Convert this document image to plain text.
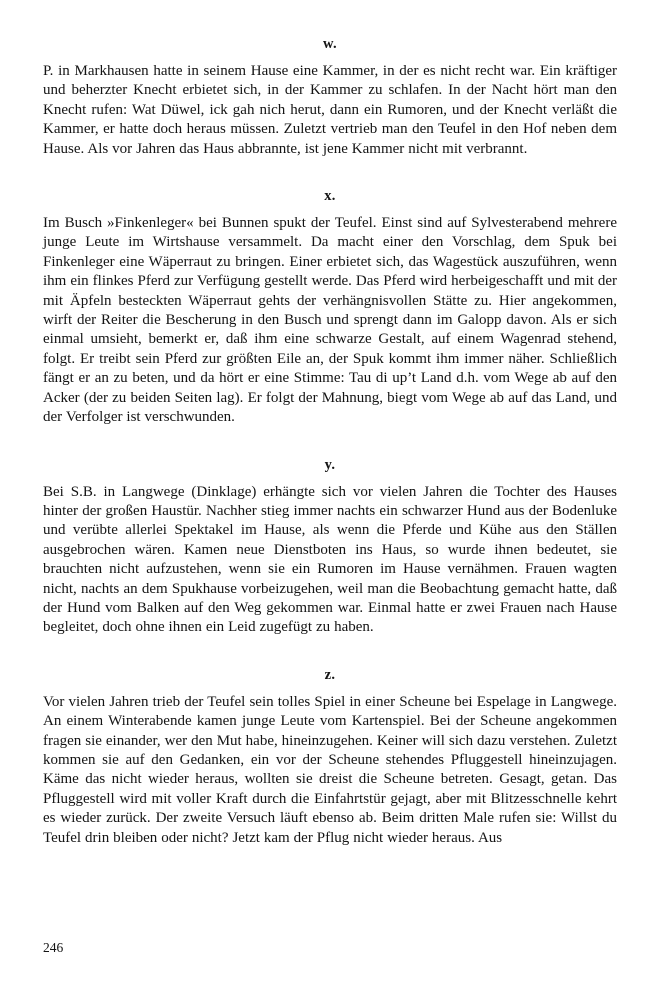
w.

P. in Markhausen hatte in seinem Hause eine Kammer, in der es nicht recht war. Ein kräftiger und beherzter Knecht erbietet sich, in der Kammer zu schlafen. In der Nacht hört man den Knecht rufen: Wat Düwel, ick gah nich herut, dann ein Rumoren, und der Knecht verläßt die Kammer, er hatte doch heraus müssen. Zuletzt vertrieb man den Teufel in den Hof neben dem Hause. Als vor Jahren das Haus abbrannte, ist jene Kammer nicht mit verbrannt.

x.

Im Busch »Finkenleger« bei Bunnen spukt der Teufel. Einst sind auf Sylvesterabend mehrere junge Leute im Wirtshause versammelt. Da macht einer den Vorschlag, dem Spuk bei Finkenleger eine Wäperraut zu bringen. Einer erbietet sich, das Wagestück auszuführen, wenn ihm ein flinkes Pferd zur Verfügung gestellt werde. Das Pferd wird herbeigeschafft und mit der mit Äpfeln besteckten Wäperraut gehts der verhängnisvollen Stätte zu. Hier angekommen, wirft der Reiter die Bescherung in den Busch und sprengt dann im Galopp davon. Als er sich einmal umsieht, bemerkt er, daß ihm eine schwarze Gestalt, auf einem Wagenrad stehend, folgt. Er treibt sein Pferd zur größten Eile an, der Spuk kommt ihm immer näher. Schließlich fängt er an zu beten, und da hört er eine Stimme: Tau di up’t Land d.h. vom Wege ab auf den Acker (der zu beiden Seiten lag). Er folgt der Mahnung, biegt vom Wege ab auf das Land, und der Verfolger ist verschwunden.

y.

Bei S.B. in Langwege (Dinklage) erhängte sich vor vielen Jahren die Tochter des Hauses hinter der großen Haustür. Nachher stieg immer nachts ein schwarzer Hund aus der Bodenluke und verübte allerlei Spektakel im Hause, als wenn die Pferde und Kühe aus den Ställen ausgebrochen wären. Kamen neue Dienstboten ins Haus, so wurde ihnen bedeutet, sie brauchten nicht aufzustehen, wenn sie ein Rumoren im Hause vernähmen. Frauen wagten nicht, nachts an dem Spukhause vorbeizugehen, weil man die Beobachtung gemacht hatte, daß der Hund vom Balken auf den Weg gekommen war. Einmal hatte er zwei Frauen nach Hause begleitet, doch ohne ihnen ein Leid zugefügt zu haben.

z.

Vor vielen Jahren trieb der Teufel sein tolles Spiel in einer Scheune bei Espelage in Langwege. An einem Winterabende kamen junge Leute vom Kartenspiel. Bei der Scheune angekommen fragen sie einander, wer den Mut habe, hineinzugehen. Keiner will sich dazu verstehen. Zuletzt kommen sie auf den Gedanken, ein vor der Scheune stehendes Pfluggestell hineinzujagen. Käme das nicht wieder heraus, wollten sie dreist die Scheune betreten. Gesagt, getan. Das Pfluggestell wird mit voller Kraft durch die Einfahrtstür gejagt, aber mit Blitzesschnelle kehrt es wieder zurück. Der zweite Versuch läuft ebenso ab. Beim dritten Male rufen sie: Willst du Teufel drin bleiben oder nicht? Jetzt kam der Pflug nicht wieder heraus. Aus

246
